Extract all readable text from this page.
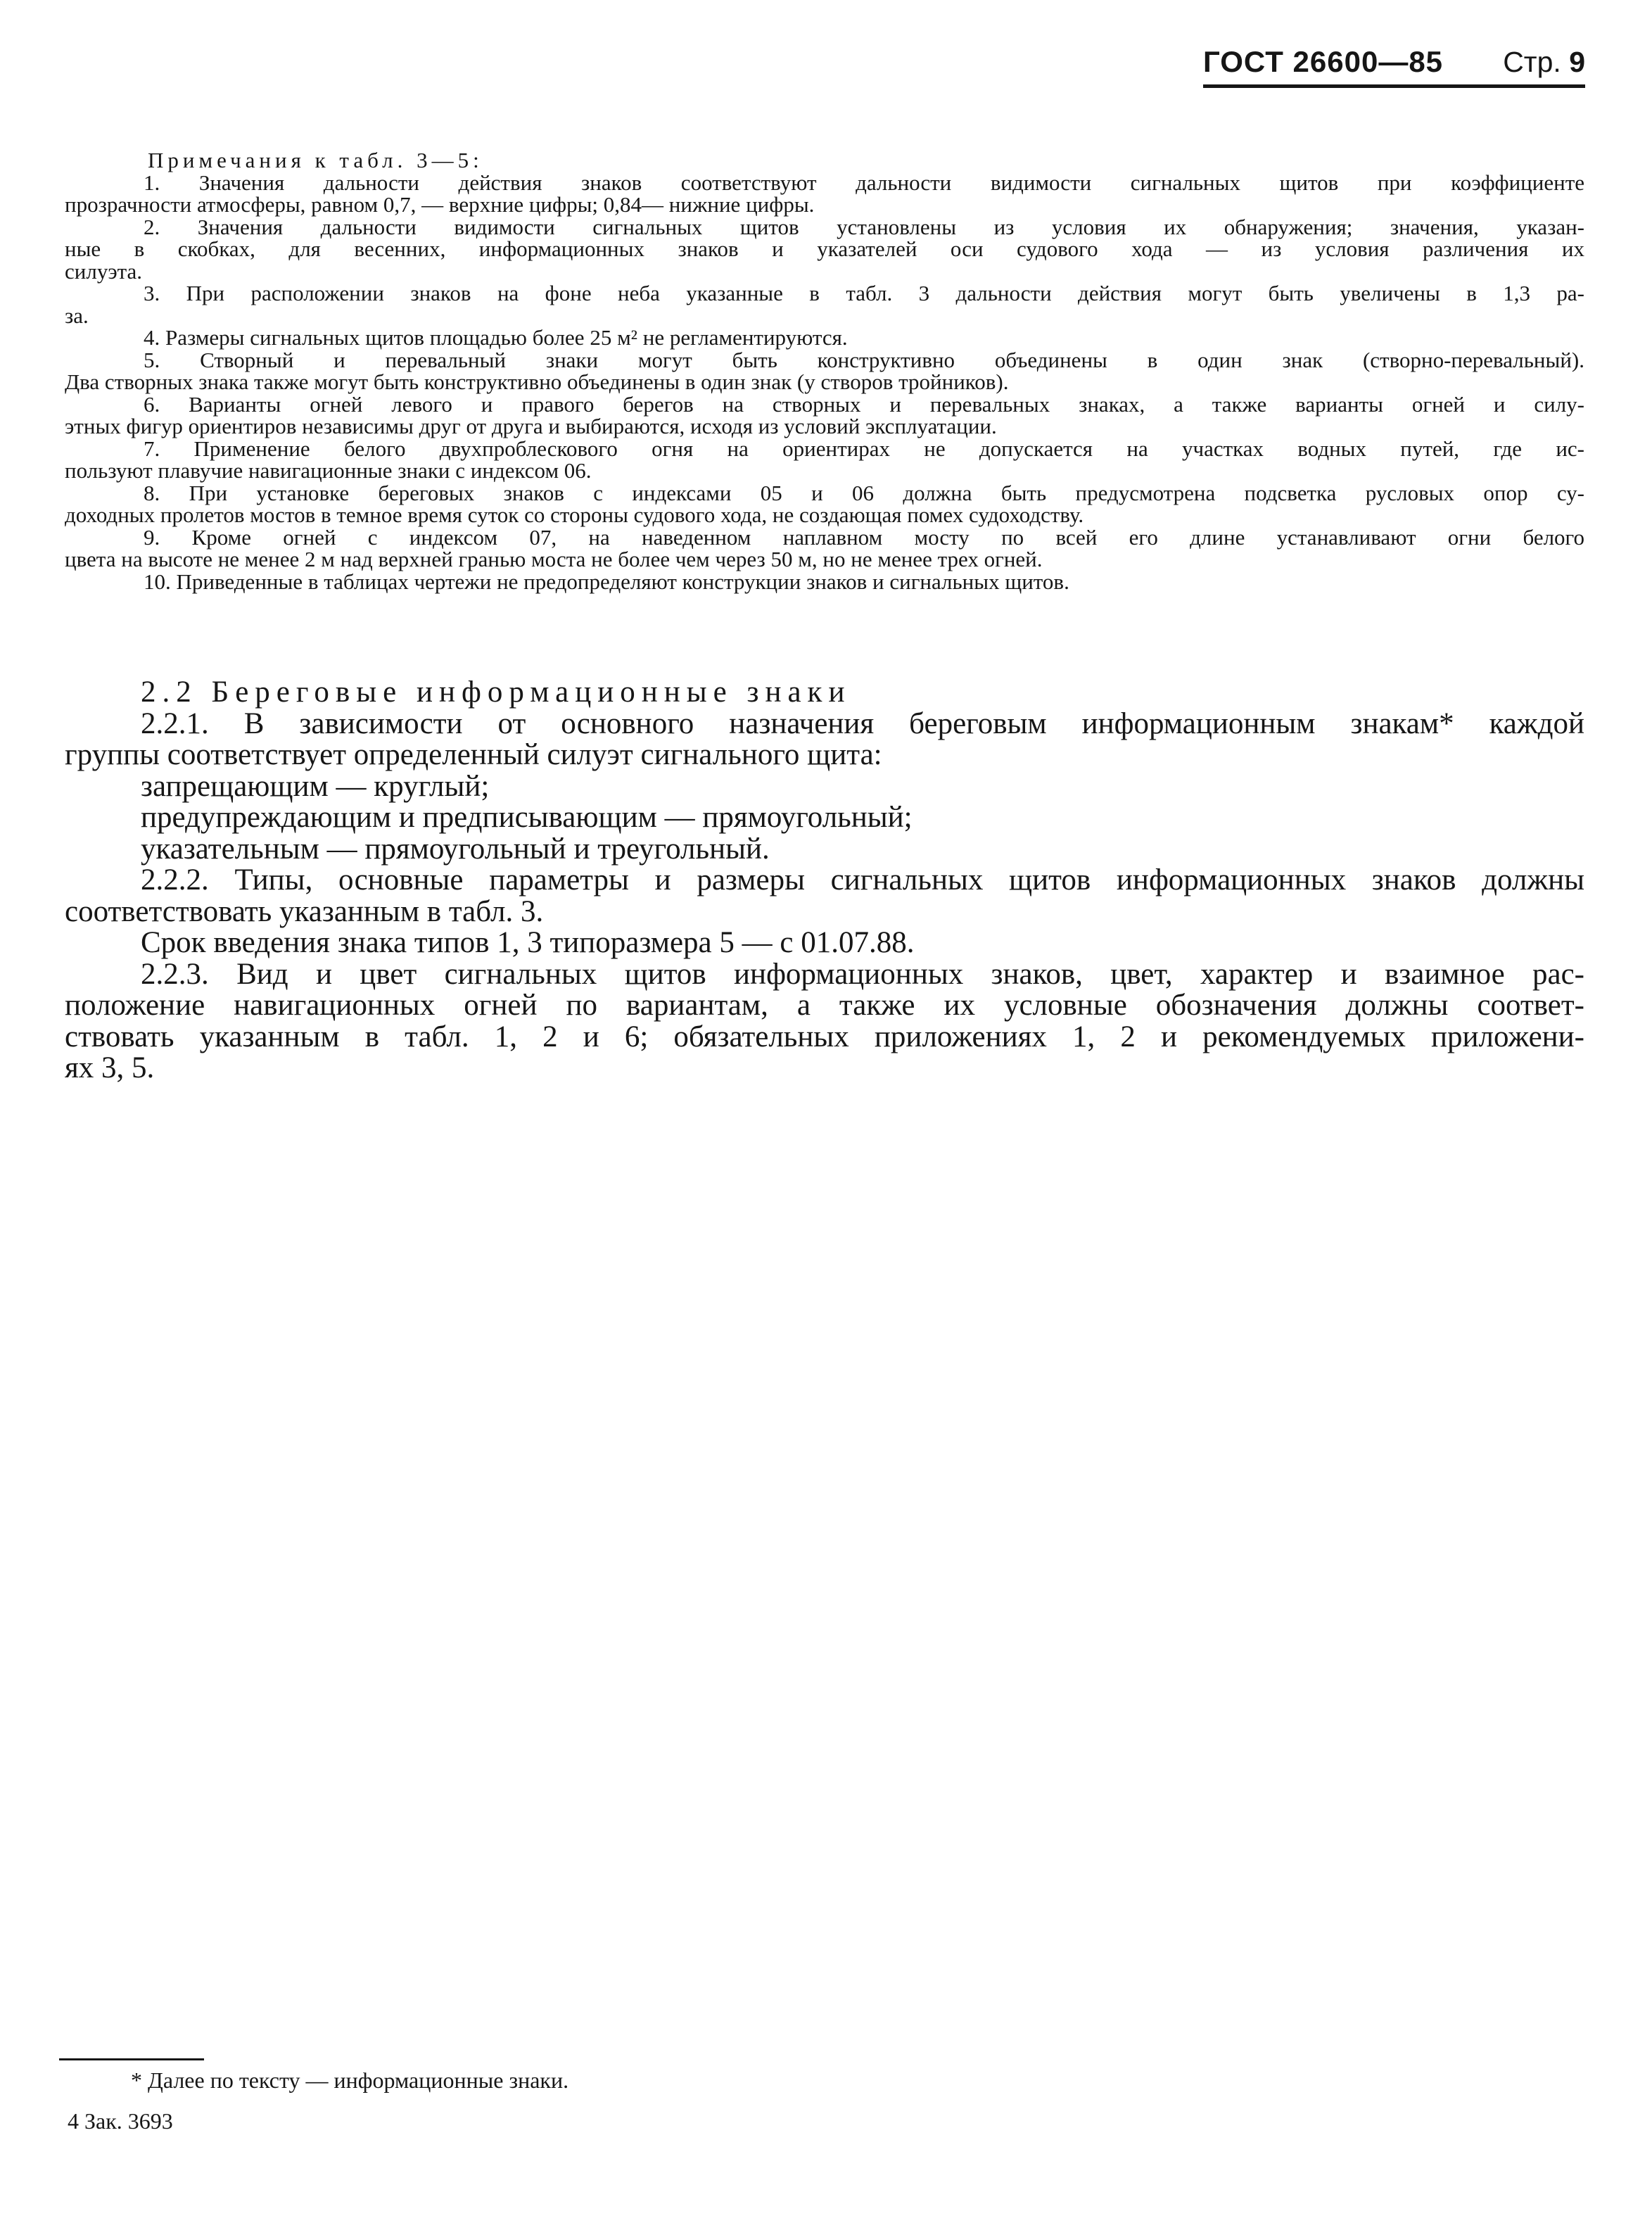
ГОСТ 26600—85 Стр. 9
Примечания к табл. 3—5:
1. Значения дальности действия знаков соответствуют дальности видимости сигнальных щитов при коэффициенте
прозрачности атмосферы, равном 0,7, — верхние цифры; 0,84— нижние цифры.
2. Значения дальности видимости сигнальных щитов установлены из условия их обнаружения; значения, указан-
ные в скобках, для весенних, информационных знаков и указателей оси судового хода — из условия различения их
силуэта.
3. При расположении знаков на фоне неба указанные в табл. 3 дальности действия могут быть увеличены в 1,3 ра-
за.
4. Размеры сигнальных щитов площадью более 25 м² не регламентируются.
5. Створный и перевальный знаки могут быть конструктивно объединены в один знак (створно-перевальный).
Два створных знака также могут быть конструктивно объединены в один знак (у створов тройников).
6. Варианты огней левого и правого берегов на створных и перевальных знаках, а также варианты огней и силу-
этных фигур ориентиров независимы друг от друга и выбираются, исходя из условий эксплуатации.
7. Применение белого двухпроблескового огня на ориентирах не допускается на участках водных путей, где ис-
пользуют плавучие навигационные знаки с индексом 06.
8. При установке береговых знаков с индексами 05 и 06 должна быть предусмотрена подсветка русловых опор су-
доходных пролетов мостов в темное время суток со стороны судового хода, не создающая помех судоходству.
9. Кроме огней с индексом 07, на наведенном наплавном мосту по всей его длине устанавливают огни белого
цвета на высоте не менее 2 м над верхней гранью моста не более чем через 50 м, но не менее трех огней.
10. Приведенные в таблицах чертежи не предопределяют конструкции знаков и сигнальных щитов.
2.2 Береговые информационные знаки
2.2.1. В зависимости от основного назначения береговым информационным знакам* каждой
группы соответствует определенный силуэт сигнального щита:
запрещающим — круглый;
предупреждающим и предписывающим — прямоугольный;
указательным — прямоугольный и треугольный.
2.2.2. Типы, основные параметры и размеры сигнальных щитов информационных знаков должны
соответствовать указанным в табл. 3.
Срок введения знака типов 1, 3 типоразмера 5 — с 01.07.88.
2.2.3. Вид и цвет сигнальных щитов информационных знаков, цвет, характер и взаимное рас-
положение навигационных огней по вариантам, а также их условные обозначения должны соответ-
ствовать указанным в табл. 1, 2 и 6; обязательных приложениях 1, 2 и рекомендуемых приложени-
ях 3, 5.
* Далее по тексту — информационные знаки.
4 Зак. 3693
